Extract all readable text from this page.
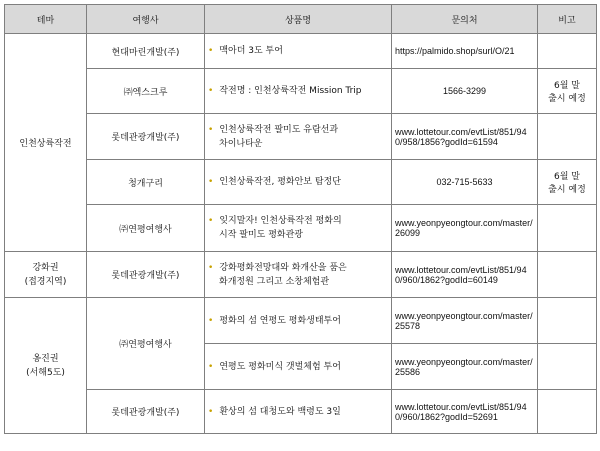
테마	여행사	상품명	문의처	비고
인천상륙작전	현대마린개발(주)	• 맥아더 3도 투어	https://palmido.shop/surl/O/21	
	㈜엑스크루	• 작전명 : 인천상륙작전 Mission Trip	1566-3299	6월 말
출시 예정
	롯데관광개발(주)	• 인천상륙작전 팔미도 유람선과
차이나타운	www.lottetour.com/evtList/851/940/958/1856?godId=61594	
	청개구리	• 인천상륙작전, 평화안보 탐정단	032-715-5633	6월 말
출시 예정
	㈜연평여행사	• 잊지말자! 인천상륙작전 평화의
시작 팔미도 평화관광	www.yeonpyeongtour.com/master/26099	

강화권
(접경지역)	롯데관광개발(주)	• 강화평화전망대와 화개산을 품은
화개정원 그리고 소창체험관	www.lottetour.com/evtList/851/940/960/1862?godId=60149	

옹진권
(서해5도)	㈜연평여행사	• 평화의 섬 연평도 평화생태투어	www.yeonpyeongtour.com/master/25578	

		• 연평도 평화미식 갯벌체험 투어	www.yeonpyeongtour.com/master/25586	
	롯데관광개발(주)	• 환상의 섬 대청도와 백령도 3일	www.lottetour.com/evtList/851/940/960/1862?godId=52691	
